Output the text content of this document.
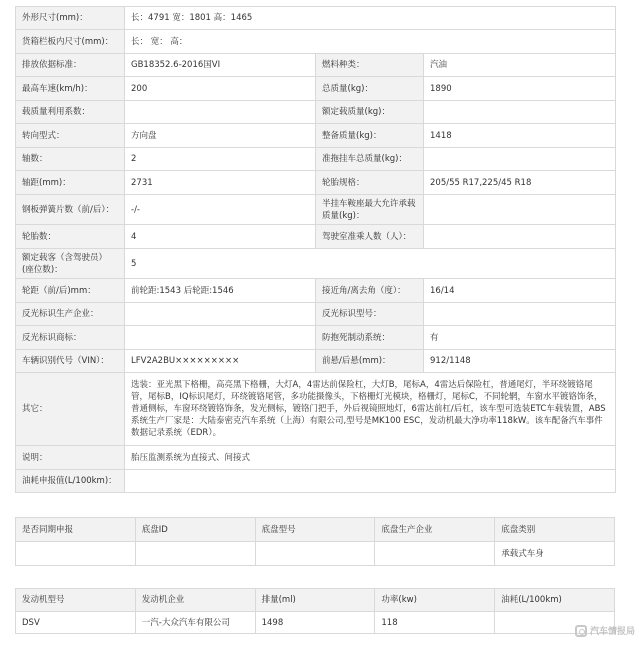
外形尺寸(mm)：	长：4791 宽：1801 高：1465		
货箱栏板内尺寸(mm)：	长： 宽： 高：		
排放依据标准：	GB18352.6-2016国VI	燃料种类：	汽油
最高车速(km/h)：	200	总质量(kg)：	1890
载质量利用系数：		额定载质量(kg)：	
转向型式：	方向盘	整备质量(kg)：	1418
轴数：	2	准拖挂车总质量(kg)：	
轴距(mm)：	2731	轮胎规格：	205/55 R17,225/45 R18
钢板弹簧片数（前/后）：	-/-	半挂车鞍座最大允许承载质量(kg)：	
轮胎数：	4	驾驶室准乘人数（人）：	
额定载客（含驾驶员）(座位数)：	5		
轮距（前/后)mm：	前轮距:1543 后轮距:1546	接近角/离去角（度）：	16/14
反光标识生产企业：		反光标识型号：	
反光标识商标：		防抱死制动系统：	有
车辆识别代号（VIN）：	LFV2A2BU×××××××××	前悬/后悬(mm)：	912/1148
其它：	选装：亚光黑下格栅，高亮黑下格栅，大灯A，4雷达前保险杠，大灯B，尾标A，4雷达后保险杠，普通尾灯，半环绕镀铬尾管，尾标B，IQ标识尾灯，环绕镀铬尾管，多功能摄像头，下格栅灯光模块，格栅灯，尾标C，不同轮辋，车窗水平镀铬饰条，普通侧标，车窗环绕镀铬饰条，发光侧标，镀铬门把手，外后视镜照地灯，6雷达前杠/后杠，该车型可选装ETC车载装置，ABS系统生产厂家是：大陆泰密克汽车系统（上海）有限公司,型号是MK100 ESC，发动机最大净功率118kW。该车配备汽车事件数据记录系统（EDR）。		
说明：	胎压监测系统为直接式、间接式		
油耗申报值(L/100km)：			
是否同期申报	底盘ID	底盘型号	底盘生产企业	底盘类别
				承载式车身
发动机型号	发动机企业	排量(ml)	功率(kw)	油耗(L/100km)
DSV	一汽-大众汽车有限公司	1498	118	
汽车情报局
